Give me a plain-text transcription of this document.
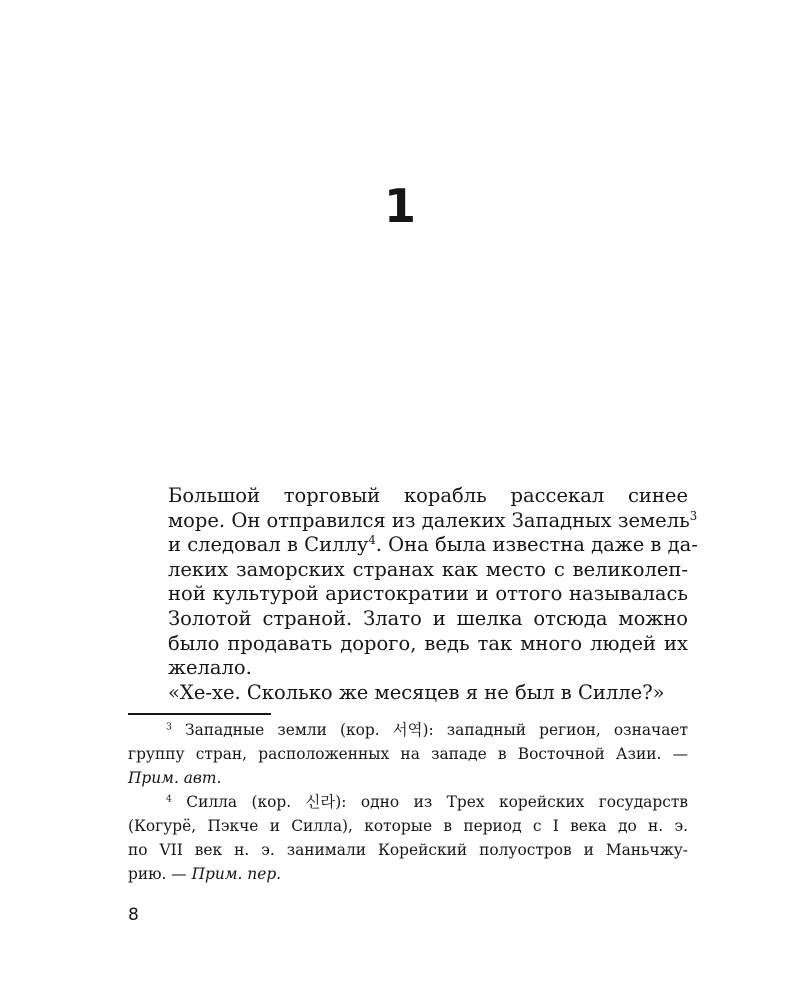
1

Большой торговый корабль рассекал синее
море. Он отправился из далеких Западных земель$^3$
и следовал в Силлу$^4$. Она была известна даже в да-
леких заморских странах как место с великолеп-
ной культурой аристократии и оттого называлась
Золотой страной. Злато и шелка отсюда можно
было продавать дорого, ведь так много людей их
желало.

«Хе-хе. Сколько же месяцев я не был в Силле?»

$^3$ Западные земли (кор. 서역): западный регион, означает
группу стран, расположенных на западе в Восточной Азии. —
Прим. авт.
$^4$ Силла (кор. 신라): одно из Трех корейских государств
(Когурё, Пэкче и Силла), которые в период с I века до н. э.
по VII век н. э. занимали Корейский полуостров и Маньчжу-
рию. — Прим. пер.
8
